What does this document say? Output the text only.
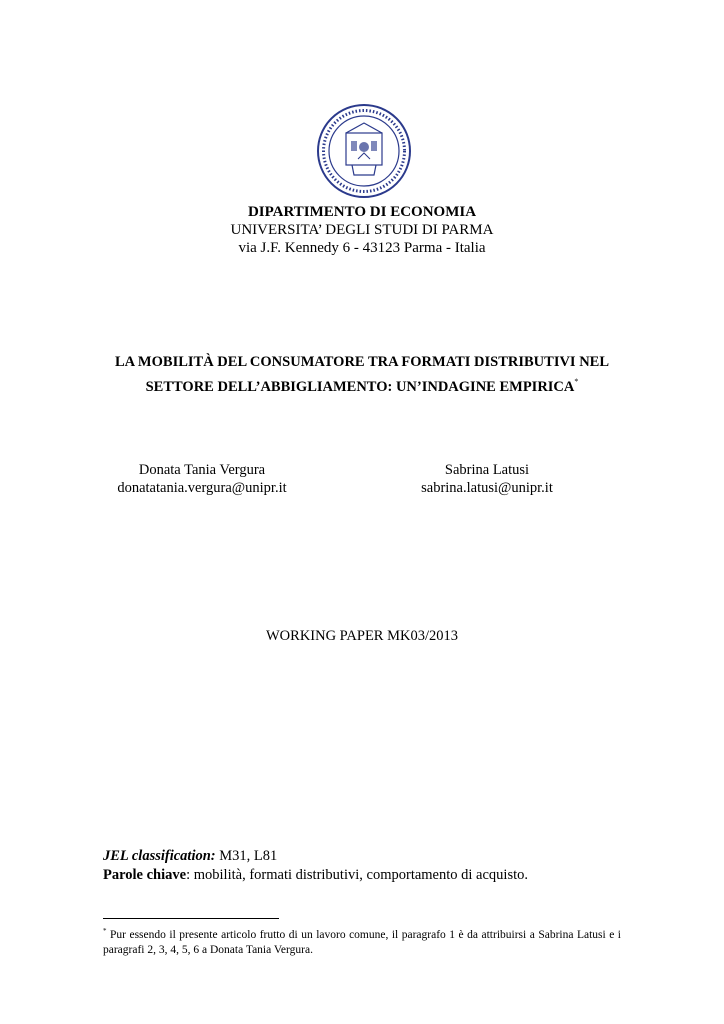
DIPARTIMENTO DI ECONOMIA
UNIVERSITA’ DEGLI STUDI DI PARMA
via J.F. Kennedy 6 - 43123 Parma - Italia
LA MOBILITÀ DEL CONSUMATORE TRA FORMATI DISTRIBUTIVI NEL
SETTORE DELL’ABBIGLIAMENTO: UN’INDAGINE EMPIRICA*
Donata Tania Vergura
donatatania.vergura@unipr.it
Sabrina Latusi
sabrina.latusi@unipr.it
WORKING PAPER MK03/2013
JEL classification: M31, L81
Parole chiave: mobilità, formati distributivi, comportamento di acquisto.
* Pur essendo il presente articolo frutto di un lavoro comune, il paragrafo 1 è da attribuirsi a Sabrina Latusi e i paragrafi 2, 3, 4, 5, 6 a Donata Tania Vergura.
